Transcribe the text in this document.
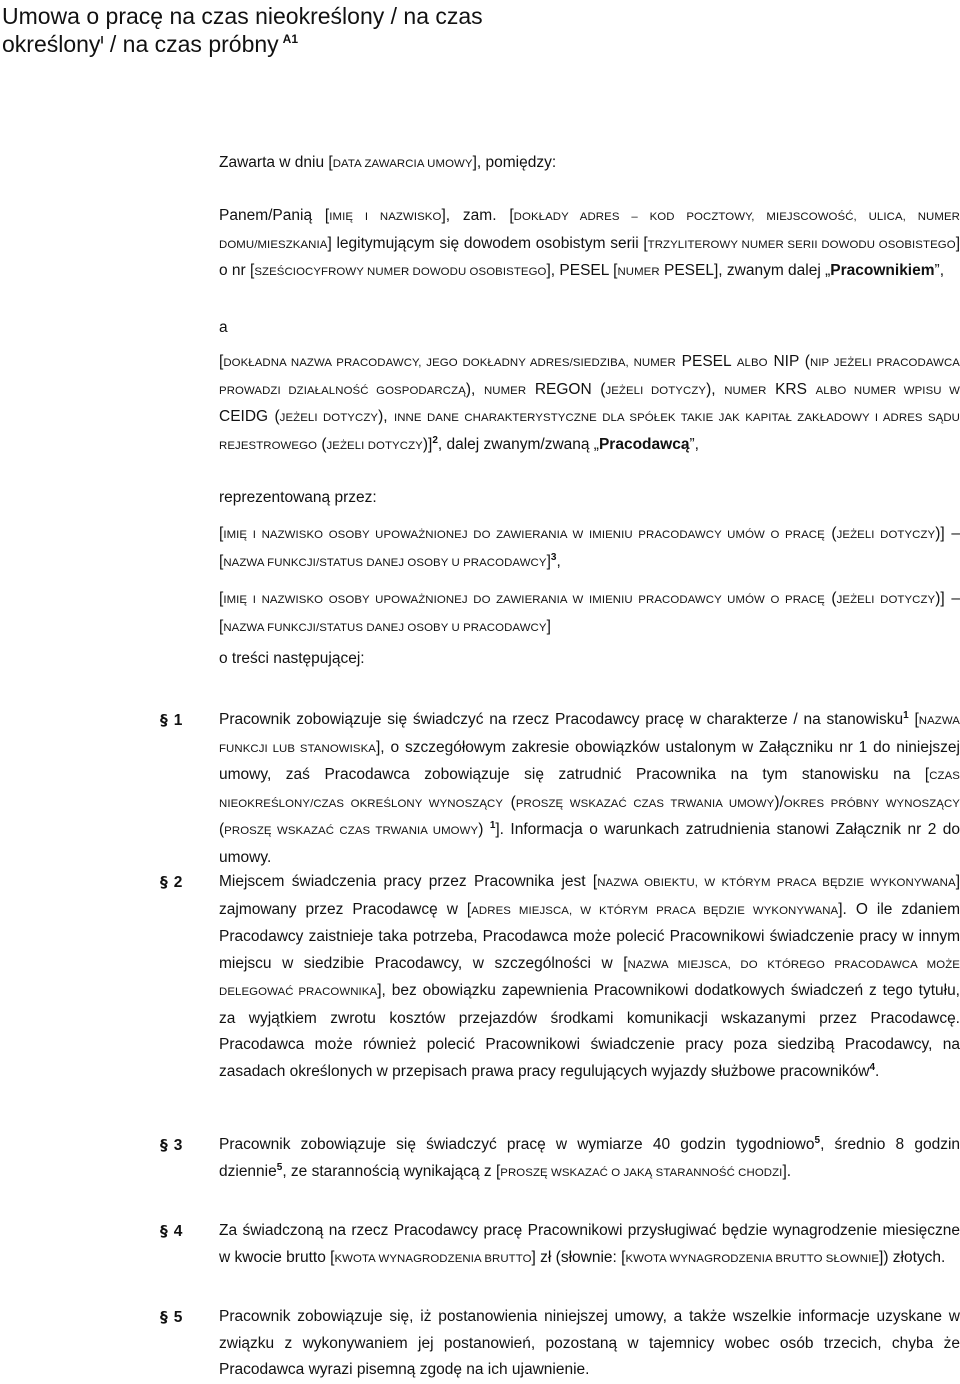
Umowa o pracę na czas nieokreślony / na czas
określony$^I$ / na czas próbny $^{A1}$
Zawarta w dniu [DATA ZAWARCIA UMOWY], pomiędzy:
Panem/Panią [IMIĘ I NAZWISKO], zam. [DOKŁADY ADRES – KOD POCZTOWY, MIEJSCOWOŚĆ, ULICA, NUMER DOMU/MIESZKANIA] legitymującym się dowodem osobistym serii [TRZYLITEROWY NUMER SERII DOWODU OSOBISTEGO] o nr [SZEŚCIOCYFROWY NUMER DOWODU OSOBISTEGO], PESEL [NUMER PESEL], zwanym dalej „Pracownikiem”,
a
[DOKŁADNA NAZWA PRACODAWCY, JEGO DOKŁADNY ADRES/SIEDZIBA, NUMER PESEL ALBO NIP (NIP JEŻELI PRACODAWCA PROWADZI DZIAŁALNOŚĆ GOSPODARCZĄ), NUMER REGON (JEŻELI DOTYCZY), NUMER KRS ALBO NUMER WPISU W CEIDG (JEŻELI DOTYCZY), INNE DANE CHARAKTERYSTYCZNE DLA SPÓŁEK TAKIE JAK KAPITAŁ ZAKŁADOWY I ADRES SĄDU REJESTROWEGO (JEŻELI DOTYCZY)]$^2$, dalej zwanym/zwaną „Pracodawcą”,
reprezentowaną przez:
[IMIĘ I NAZWISKO OSOBY UPOWAŻNIONEJ DO ZAWIERANIA W IMIENIU PRACODAWCY UMÓW O PRACĘ (JEŻELI DOTYCZY)] – [NAZWA FUNKCJI/STATUS DANEJ OSOBY U PRACODAWCY]$^3$,
[IMIĘ I NAZWISKO OSOBY UPOWAŻNIONEJ DO ZAWIERANIA W IMIENIU PRACODAWCY UMÓW O PRACĘ (JEŻELI DOTYCZY)] – [NAZWA FUNKCJI/STATUS DANEJ OSOBY U PRACODAWCY]
o treści następującej:
§ 1	Pracownik zobowiązuje się świadczyć na rzecz Pracodawcy pracę w charakterze / na stanowisku$^1$ [NAZWA FUNKCJI LUB STANOWISKA], o szczegółowym zakresie obowiązków ustalonym w Załączniku nr 1 do niniejszej umowy, zaś Pracodawca zobowiązuje się zatrudnić Pracownika na tym stanowisku na [CZAS NIEOKREŚLONY/CZAS OKREŚLONY WYNOSZĄCY (PROSZĘ WSKAZAĆ CZAS TRWANIA UMOWY)/OKRES PRÓBNY WYNOSZĄCY (PROSZĘ WSKAZAĆ CZAS TRWANIA UMOWY) $^1$]. Informacja o warunkach zatrudnienia stanowi Załącznik nr 2 do umowy.
§ 2	Miejscem świadczenia pracy przez Pracownika jest [NAZWA OBIEKTU, W KTÓRYM PRACA BĘDZIE WYKONYWANA] zajmowany przez Pracodawcę w [ADRES MIEJSCA, W KTÓRYM PRACA BĘDZIE WYKONYWANA]. O ile zdaniem Pracodawcy zaistnieje taka potrzeba, Pracodawca może polecić Pracownikowi świadczenie pracy w innym miejscu w siedzibie Pracodawcy, w szczególności w [NAZWA MIEJSCA, DO KTÓREGO PRACODAWCA MOŻE DELEGOWAĆ PRACOWNIKA], bez obowiązku zapewnienia Pracownikowi dodatkowych świadczeń z tego tytułu, za wyjątkiem zwrotu kosztów przejazdów środkami komunikacji wskazanymi przez Pracodawcę. Pracodawca może również polecić Pracownikowi świadczenie pracy poza siedzibą Pracodawcy, na zasadach określonych w przepisach prawa pracy regulujących wyjazdy służbowe pracowników$^4$.
§ 3	Pracownik zobowiązuje się świadczyć pracę w wymiarze 40 godzin tygodniowo$^5$, średnio 8 godzin dziennie$^5$, ze starannością wynikającą z [PROSZĘ WSKAZAĆ O JAKĄ STARANNOŚĆ CHODZI].
§ 4	Za świadczoną na rzecz Pracodawcy pracę Pracownikowi przysługiwać będzie wynagrodzenie miesięczne w kwocie brutto [KWOTA WYNAGRODZENIA BRUTTO] zł (słownie: [KWOTA WYNAGRODZENIA BRUTTO SŁOWNIE]) złotych.
§ 5	Pracownik zobowiązuje się, iż postanowienia niniejszej umowy, a także wszelkie informacje uzyskane w związku z wykonywaniem jej postanowień, pozostaną w tajemnicy wobec osób trzecich, chyba że Pracodawca wyrazi pisemną zgodę na ich ujawnienie.
